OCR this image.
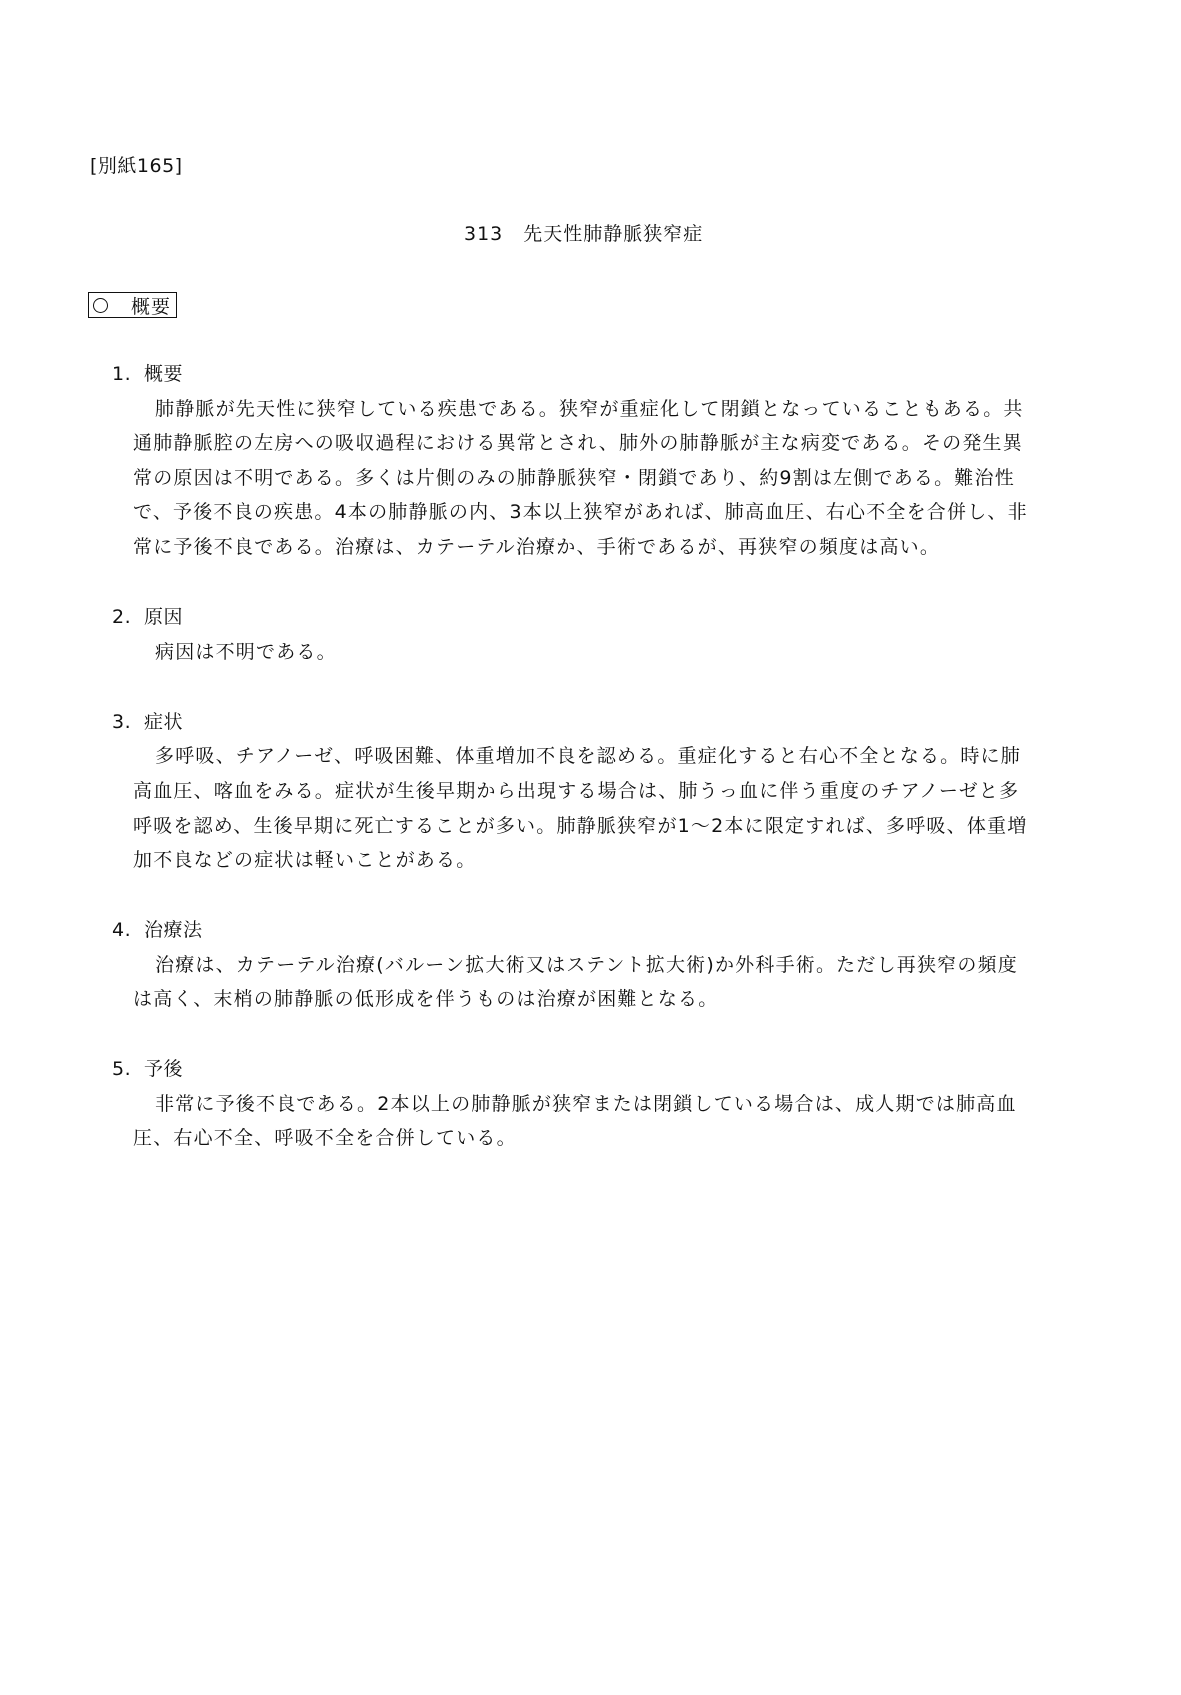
[別紙165]
313　先天性肺静脈狭窄症
概要
1. 概要
肺静脈が先天性に狭窄している疾患である。狭窄が重症化して閉鎖となっていることもある。共
通肺静脈腔の左房への吸収過程における異常とされ、肺外の肺静脈が主な病変である。その発生異
常の原因は不明である。多くは片側のみの肺静脈狭窄・閉鎖であり、約9割は左側である。難治性
で、予後不良の疾患。4本の肺静脈の内、3本以上狭窄があれば、肺高血圧、右心不全を合併し、非
常に予後不良である。治療は、カテーテル治療か、手術であるが、再狭窄の頻度は高い。
2. 原因
病因は不明である。
3. 症状
多呼吸、チアノーゼ、呼吸困難、体重増加不良を認める。重症化すると右心不全となる。時に肺
高血圧、喀血をみる。症状が生後早期から出現する場合は、肺うっ血に伴う重度のチアノーゼと多
呼吸を認め、生後早期に死亡することが多い。肺静脈狭窄が1～2本に限定すれば、多呼吸、体重増
加不良などの症状は軽いことがある。
4. 治療法
治療は、カテーテル治療(バルーン拡大術又はステント拡大術)か外科手術。ただし再狭窄の頻度
は高く、末梢の肺静脈の低形成を伴うものは治療が困難となる。
5. 予後
非常に予後不良である。2本以上の肺静脈が狭窄または閉鎖している場合は、成人期では肺高血
圧、右心不全、呼吸不全を合併している。
